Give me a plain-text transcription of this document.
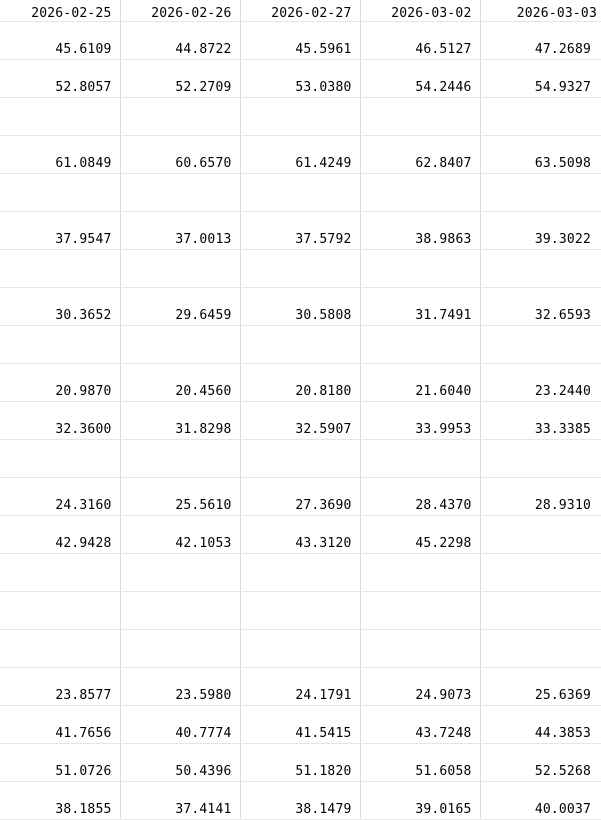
2026-02-25	2026-02-26	2026-02-27	2026-03-02	2026-03-03
45.6109	44.8722	45.5961	46.5127	47.2689
52.8057	52.2709	53.0380	54.2446	54.9327

61.0849	60.6570	61.4249	62.8407	63.5098

37.9547	37.0013	37.5792	38.9863	39.3022

30.3652	29.6459	30.5808	31.7491	32.6593

20.9870	20.4560	20.8180	21.6040	23.2440
32.3600	31.8298	32.5907	33.9953	33.3385

24.3160	25.5610	27.3690	28.4370	28.9310
42.9428	42.1053	43.3120	45.2298	

23.8577	23.5980	24.1791	24.9073	25.6369
41.7656	40.7774	41.5415	43.7248	44.3853
51.0726	50.4396	51.1820	51.6058	52.5268
38.1855	37.4141	38.1479	39.0165	40.0037
